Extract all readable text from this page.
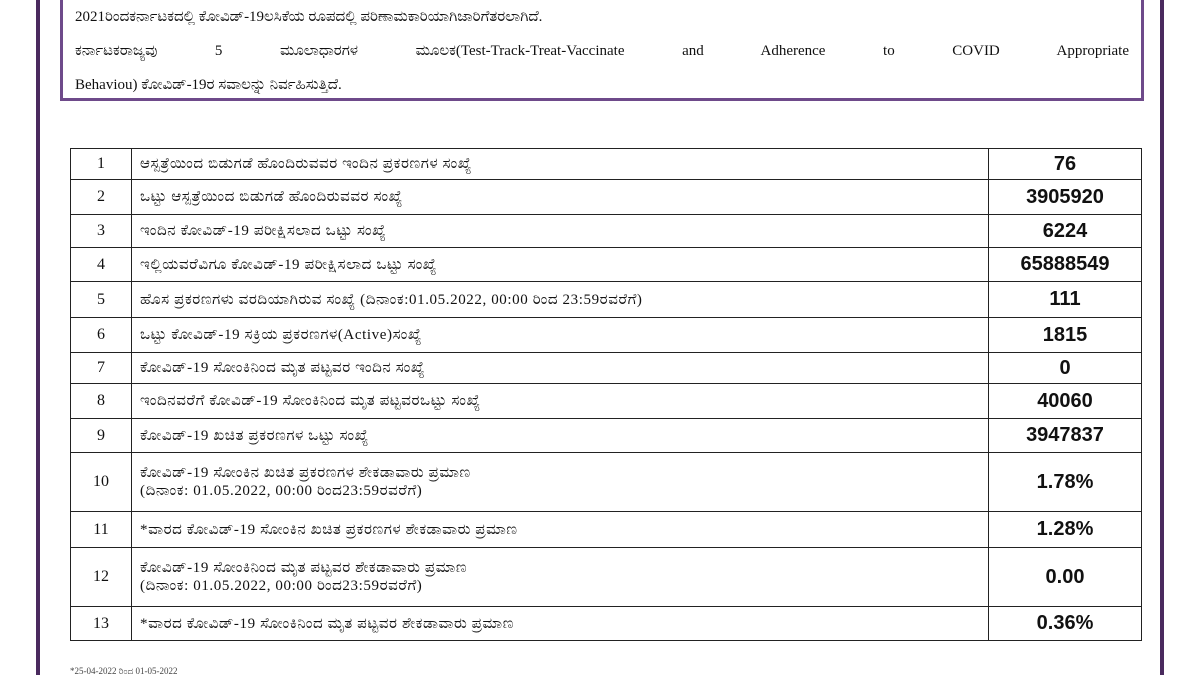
2021ರಿಂದಕರ್ನಾಟಕದಲ್ಲಿ ಕೋವಿಡ್-19ಲಸಿಕೆಯ ರೂಪದಲ್ಲಿ ಪರಿಣಾಮಕಾರಿಯಾಗಿಜಾರಿಗೆತರಲಾಗಿದೆ.
ಕರ್ನಾಟಕರಾಜ್ಯವು 5 ಮೂಲಾಧಾರಗಳ ಮೂಲಕ(Test-Track-Treat-Vaccinate and Adherence to COVID Appropriate
Behaviou) ಕೋವಿಡ್-19ರ ಸವಾಲನ್ನು ನಿರ್ವಹಿಸುತ್ತಿದೆ.
1	ಆಸ್ಪತ್ರೆಯಿಂದ ಬಿಡುಗಡೆ ಹೊಂದಿರುವವರ ಇಂದಿನ ಪ್ರಕರಣಗಳ ಸಂಖ್ಯೆ	76
2	ಒಟ್ಟು ಆಸ್ಪತ್ರೆಯಿಂದ ಬಿಡುಗಡೆ ಹೊಂದಿರುವವರ ಸಂಖ್ಯೆ	3905920
3	ಇಂದಿನ ಕೋವಿಡ್-19 ಪರೀಕ್ಷಿಸಲಾದ ಒಟ್ಟು ಸಂಖ್ಯೆ	6224
4	ಇಲ್ಲಿಯವರೆವಿಗೂ ಕೋವಿಡ್-19 ಪರೀಕ್ಷಿಸಲಾದ ಒಟ್ಟು ಸಂಖ್ಯೆ	65888549
5	ಹೊಸ ಪ್ರಕರಣಗಳು ವರದಿಯಾಗಿರುವ ಸಂಖ್ಯೆ (ದಿನಾಂಕ:01.05.2022, 00:00 ರಿಂದ 23:59ರವರೆಗೆ)	111
6	ಒಟ್ಟು ಕೋವಿಡ್-19 ಸಕ್ರಿಯ ಪ್ರಕರಣಗಳ(Active)ಸಂಖ್ಯೆ	1815
7	ಕೋವಿಡ್-19 ಸೋಂಕಿನಿಂದ ಮೃತ ಪಟ್ಟವರ ಇಂದಿನ ಸಂಖ್ಯೆ	0
8	ಇಂದಿನವರೆಗೆ ಕೋವಿಡ್-19 ಸೋಂಕಿನಿಂದ ಮೃತ ಪಟ್ಟವರಒಟ್ಟು ಸಂಖ್ಯೆ	40060
9	ಕೋವಿಡ್-19 ಖಚಿತ ಪ್ರಕರಣಗಳ ಒಟ್ಟು ಸಂಖ್ಯೆ	3947837
10	ಕೋವಿಡ್-19 ಸೋಂಕಿನ ಖಚಿತ ಪ್ರಕರಣಗಳ ಶೇಕಡಾವಾರು ಪ್ರಮಾಣ
(ದಿನಾಂಕ: 01.05.2022, 00:00 ರಿಂದ23:59ರವರೆಗೆ)	1.78%
11	*ವಾರದ ಕೋವಿಡ್-19 ಸೋಂಕಿನ ಖಚಿತ ಪ್ರಕರಣಗಳ ಶೇಕಡಾವಾರು ಪ್ರಮಾಣ	1.28%
12	ಕೋವಿಡ್-19 ಸೋಂಕಿನಿಂದ ಮೃತ ಪಟ್ಟವರ ಶೇಕಡಾವಾರು ಪ್ರಮಾಣ
(ದಿನಾಂಕ: 01.05.2022, 00:00 ರಿಂದ23:59ರವರೆಗೆ)	0.00
13	*ವಾರದ ಕೋವಿಡ್-19 ಸೋಂಕಿನಿಂದ ಮೃತ ಪಟ್ಟವರ ಶೇಕಡಾವಾರು ಪ್ರಮಾಣ	0.36%
*25-04-2022 ರಿಂದ 01-05-2022
